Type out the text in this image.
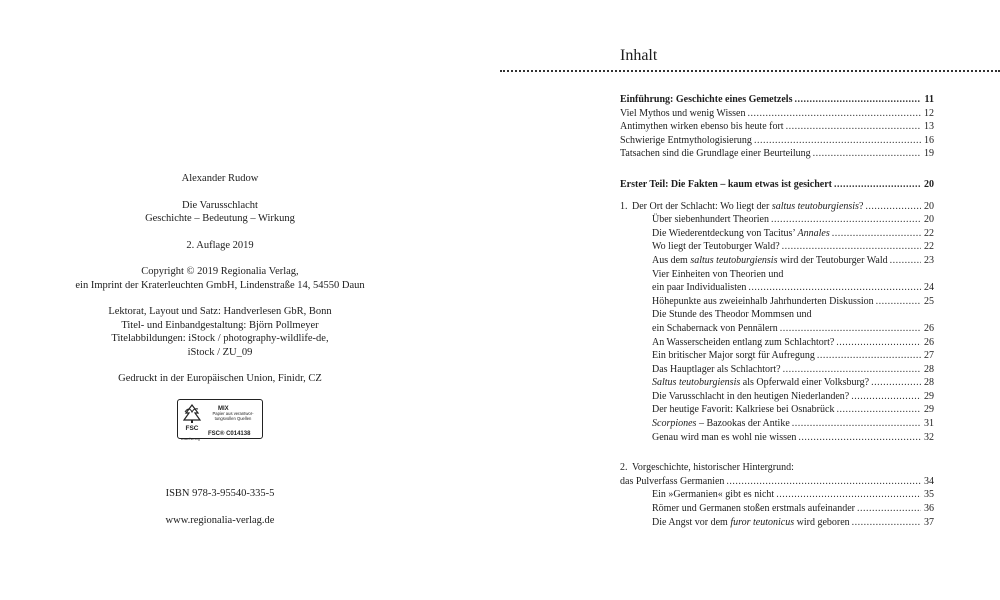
Alexander Rudow
Die Varusschlacht
Geschichte – Bedeutung – Wirkung
2. Auflage 2019
Copyright © 2019 Regionalia Verlag,
ein Imprint der Kraterleuchten GmbH, Lindenstraße 14, 54550 Daun
Lektorat, Layout und Satz: Handverlesen GbR, Bonn
Titel- und Einbandgestaltung: Björn Pollmeyer
Titelabbildungen: iStock / photography-wildlife-de,
iStock / ZU_09
Gedruckt in der Europäischen Union, Finidr, CZ
FSC
MIX
Papier aus verantwor-tungsvollen Quellen
FSC® C014138
www.fsc.org
ISBN 978-3-95540-335-5
www.regionalia-verlag.de
Inhalt
Einführung: Geschichte eines Gemetzels .....	11
Viel Mythos und wenig Wissen .....	12
Antimythen wirken ebenso bis heute fort .....	13
Schwierige Entmythologisierung .....	16
Tatsachen sind die Grundlage einer Beurteilung .....	19
Erster Teil: Die Fakten – kaum etwas ist gesichert .....	20
1. Der Ort der Schlacht: Wo liegt der saltus teutoburgiensis? .....	20
Über siebenhundert Theorien .....	20
Die Wiederentdeckung von Tacitus’ Annales .....	22
Wo liegt der Teutoburger Wald? .....	22
Aus dem saltus teutoburgiensis wird der Teutoburger Wald .....	23
Vier Einheiten von Theorien und
ein paar Individualisten .....	24
Höhepunkte aus zweieinhalb Jahrhunderten Diskussion .....	25
Die Stunde des Theodor Mommsen und
ein Schabernack von Pennälern .....	26
An Wasserscheiden entlang zum Schlachtort? .....	26
Ein britischer Major sorgt für Aufregung .....	27
Das Hauptlager als Schlachtort? .....	28
Saltus teutoburgiensis als Opferwald einer Volksburg? .....	28
Die Varusschlacht in den heutigen Niederlanden? .....	29
Der heutige Favorit: Kalkriese bei Osnabrück .....	29
Scorpiones – Bazookas der Antike .....	31
Genau wird man es wohl nie wissen .....	32
2. Vorgeschichte, historischer Hintergrund:
das Pulverfass Germanien .....	34
Ein »Germanien« gibt es nicht .....	35
Römer und Germanen stoßen erstmals aufeinander .....	36
Die Angst vor dem furor teutonicus wird geboren .....	37
